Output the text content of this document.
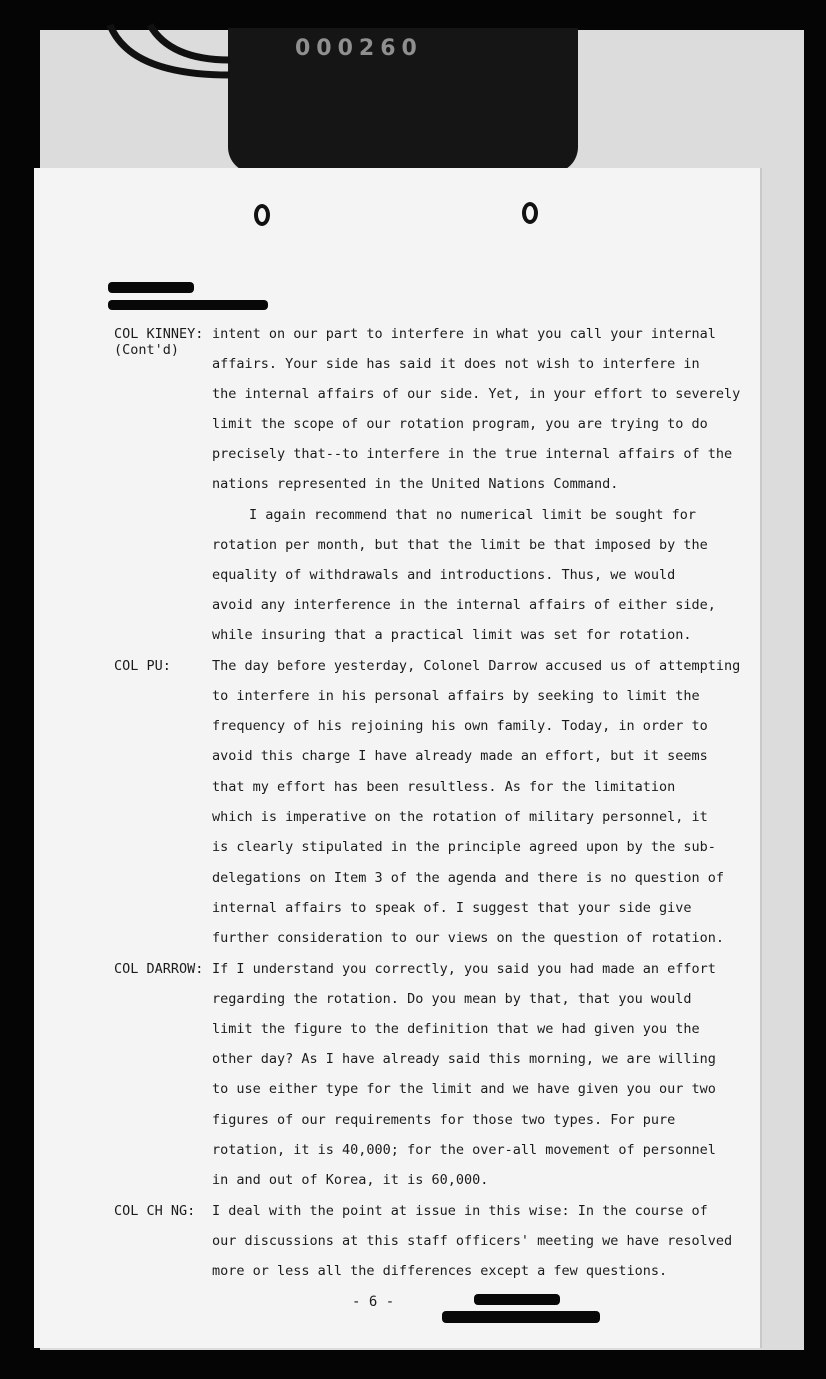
000260
COL KINNEY:
(Cont'd)
COL PU:
COL DARROW:
COL CH NG:
intent on our part to interfere in what you call your internal
affairs. Your side has said it does not wish to interfere in
the internal affairs of our side. Yet, in your effort to severely
limit the scope of our rotation program, you are trying to do
precisely that--to interfere in the true internal affairs of the
nations represented in the United Nations Command.
I again recommend that no numerical limit be sought for
rotation per month, but that the limit be that imposed by the
equality of withdrawals and introductions. Thus, we would
avoid any interference in the internal affairs of either side,
while insuring that a practical limit was set for rotation.
The day before yesterday, Colonel Darrow accused us of attempting
to interfere in his personal affairs by seeking to limit the
frequency of his rejoining his own family. Today, in order to
avoid this charge I have already made an effort, but it seems
that my effort has been resultless. As for the limitation
which is imperative on the rotation of military personnel, it
is clearly stipulated in the principle agreed upon by the sub-
delegations on Item 3 of the agenda and there is no question of
internal affairs to speak of. I suggest that your side give
further consideration to our views on the question of rotation.
If I understand you correctly, you said you had made an effort
regarding the rotation. Do you mean by that, that you would
limit the figure to the definition that we had given you the
other day? As I have already said this morning, we are willing
to use either type for the limit and we have given you our two
figures of our requirements for those two types. For pure
rotation, it is 40,000; for the over-all movement of personnel
in and out of Korea, it is 60,000.
I deal with the point at issue in this wise: In the course of
our discussions at this staff officers' meeting we have resolved
more or less all the differences except a few questions.
- 6 -
